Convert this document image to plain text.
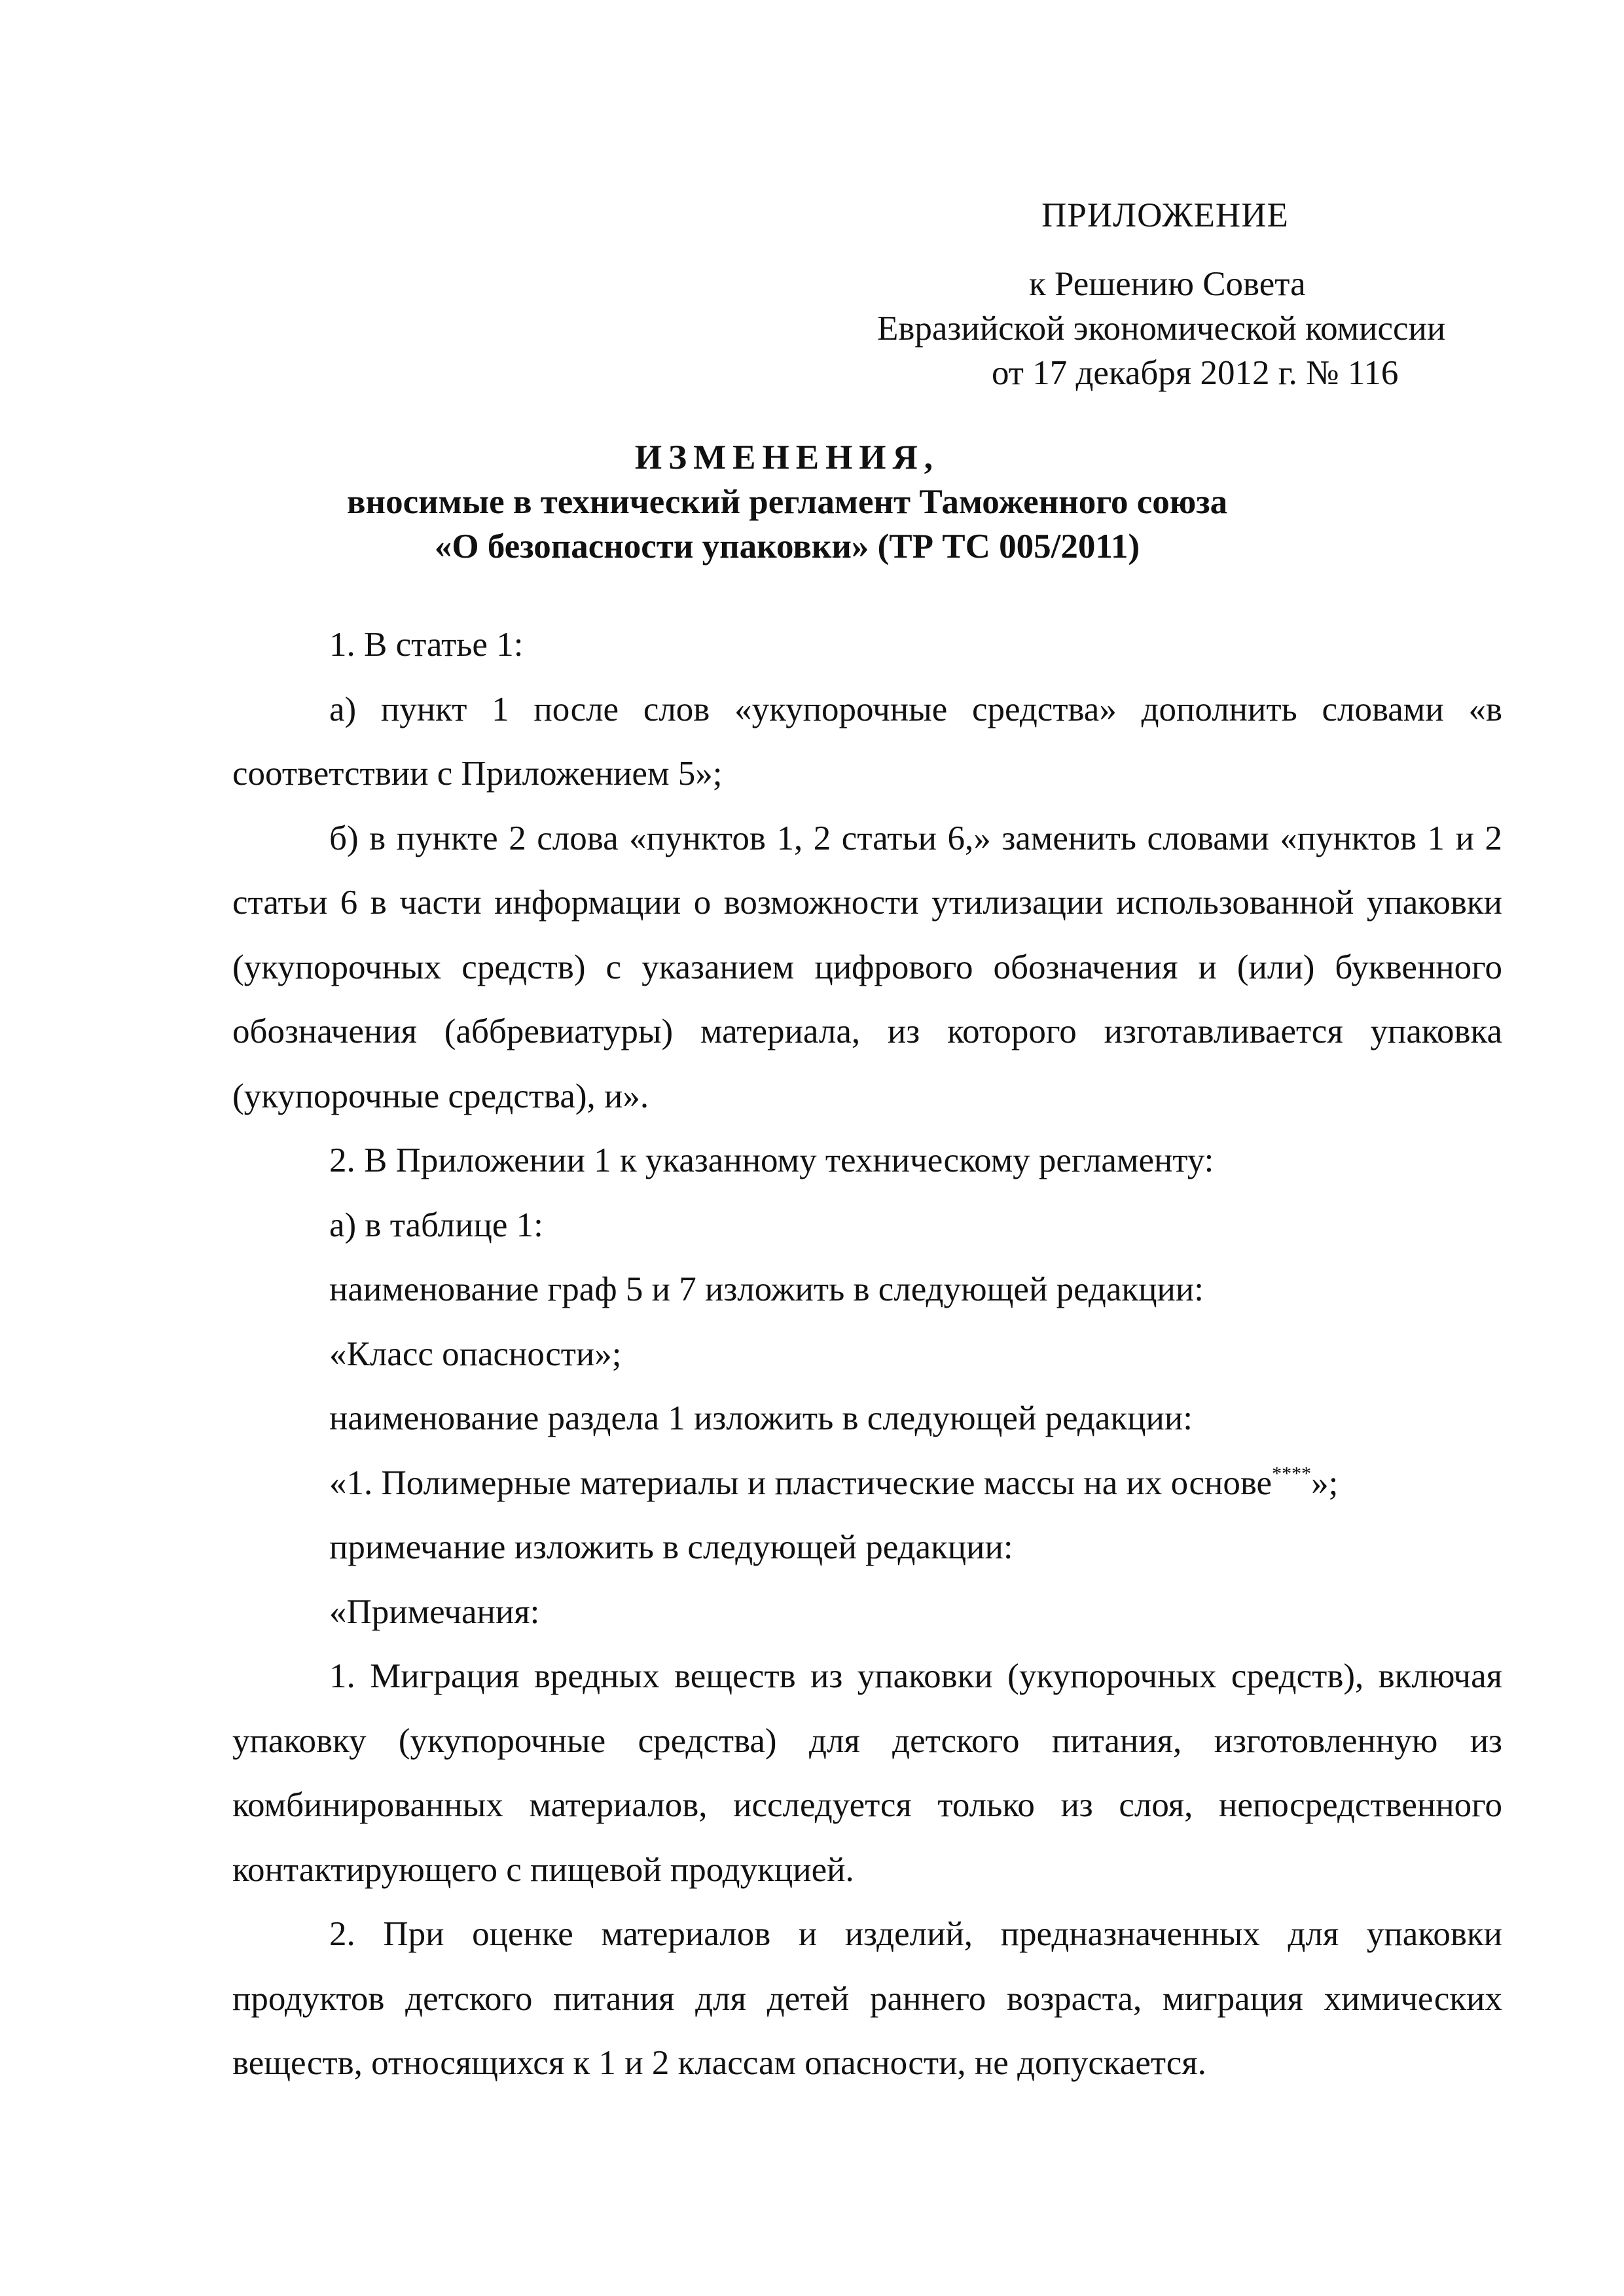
ПРИЛОЖЕНИЕ
к Решению Совета
Евразийской экономической комиссии
от 17 декабря 2012 г. № 116
ИЗМЕНЕНИЯ,
вносимые в технический регламент Таможенного союза
«О безопасности упаковки» (ТР ТС 005/2011)

1. В статье 1:

а) пункт 1 после слов «укупорочные средства» дополнить словами «в соответствии с Приложением 5»;

б) в пункте 2 слова «пунктов 1, 2 статьи 6,» заменить словами «пунктов 1 и 2 статьи 6 в части информации о возможности утилизации использованной упаковки (укупорочных средств) с указанием цифрового обозначения и (или) буквенного обозначения (аббревиатуры) материала, из которого изготавливается упаковка (укупорочные средства), и».

2. В Приложении 1 к указанному техническому регламенту:

а) в таблице 1:

наименование граф 5 и 7 изложить в следующей редакции:

«Класс опасности»;

наименование раздела 1 изложить в следующей редакции:

«1. Полимерные материалы и пластические массы на их основе****»;

примечание изложить в следующей редакции:

«Примечания:

1. Миграция вредных веществ из упаковки (укупорочных средств), включая упаковку (укупорочные средства) для детского питания, изготовленную из комбинированных материалов, исследуется только из слоя, непосредственного контактирующего с пищевой продукцией.

2. При оценке материалов и изделий, предназначенных для упаковки продуктов детского питания для детей раннего возраста, миграция химических веществ, относящихся к 1 и 2 классам опасности, не допускается.
